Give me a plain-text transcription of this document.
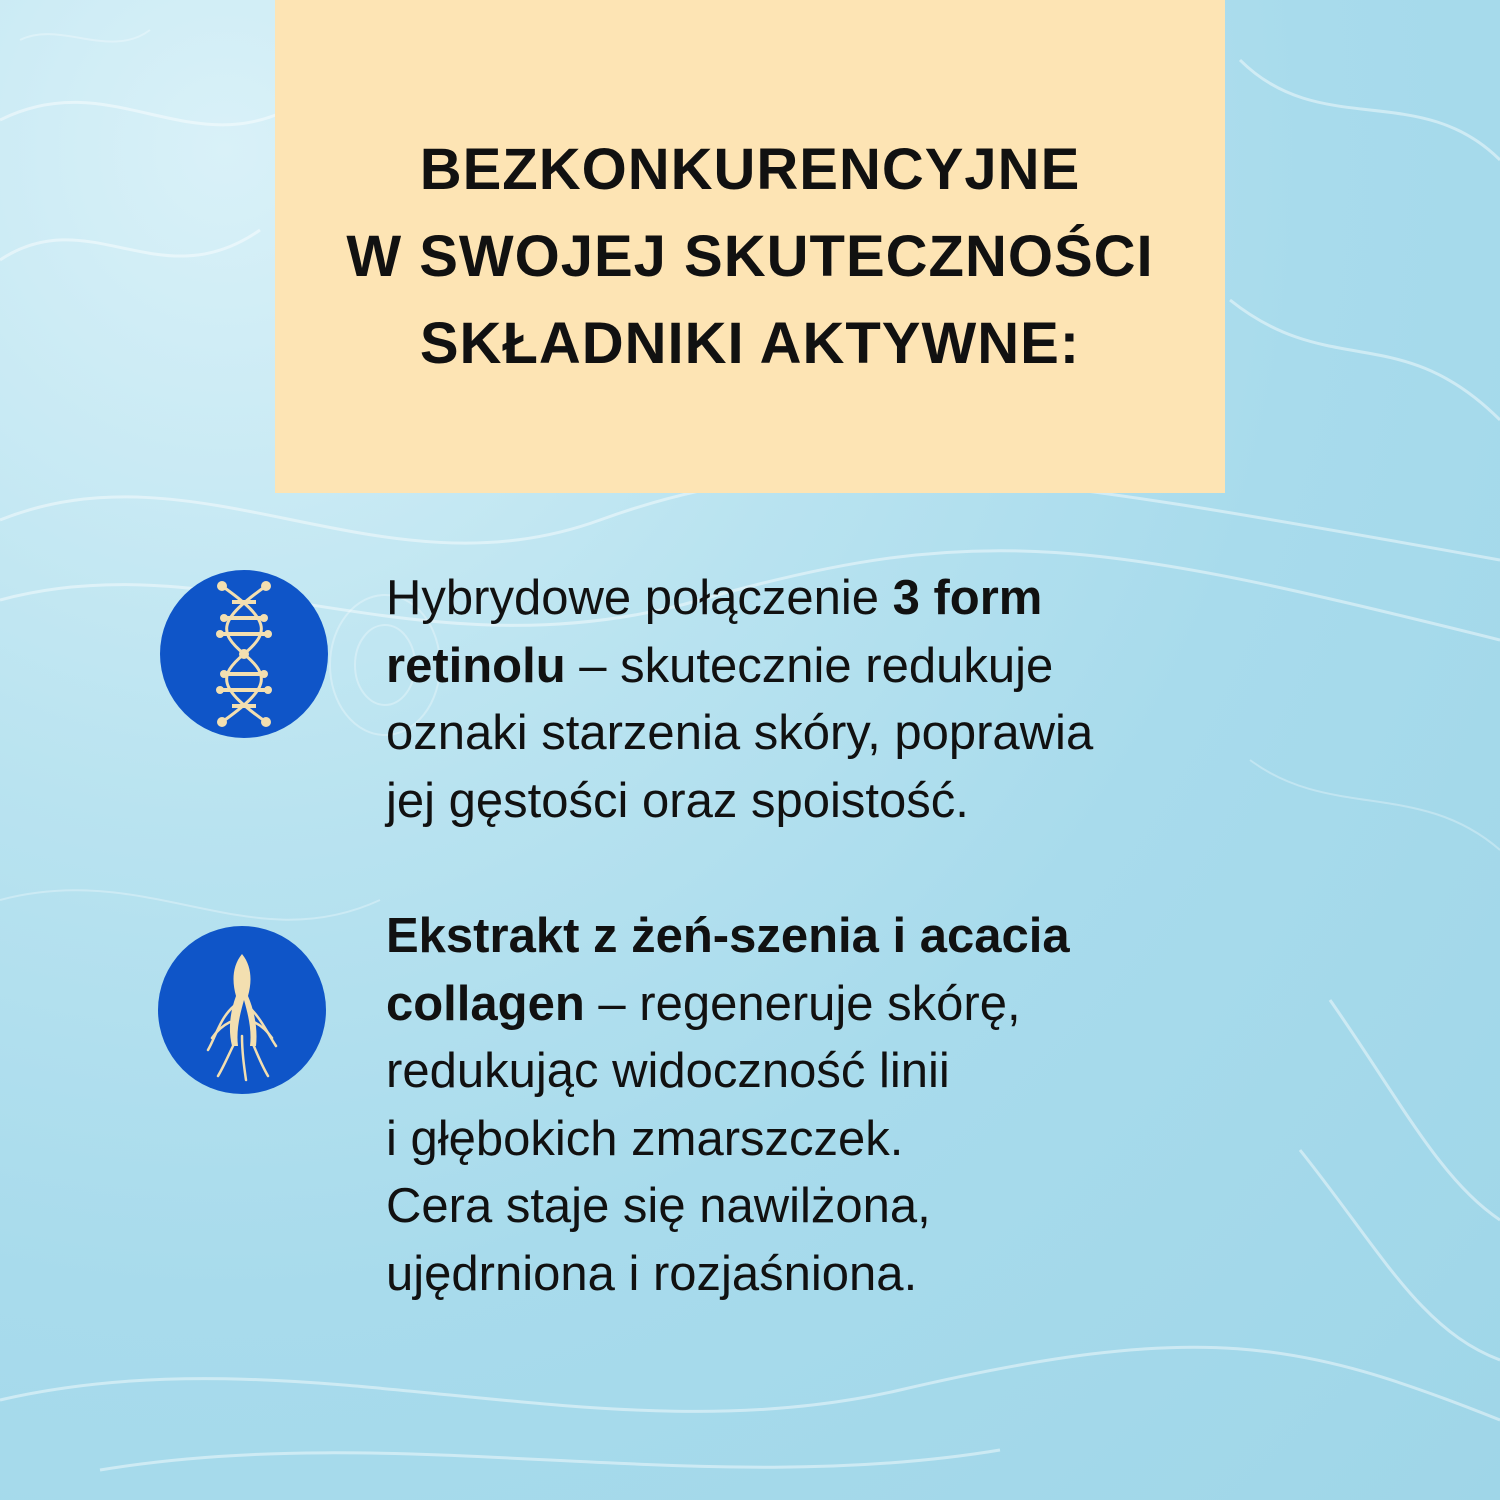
BEZKONKURENCYJNE
W SWOJEJ SKUTECZNOŚCI
SKŁADNIKI AKTYWNE:
Hybrydowe połączenie 3 form
retinolu – skutecznie redukuje
oznaki starzenia skóry, poprawia
jej gęstości oraz spoistość.
Ekstrakt z żeń-szenia i acacia
collagen – regeneruje skórę,
redukując widoczność linii
i głębokich zmarszczek.
Cera staje się nawilżona,
ujędrniona i rozjaśniona.
